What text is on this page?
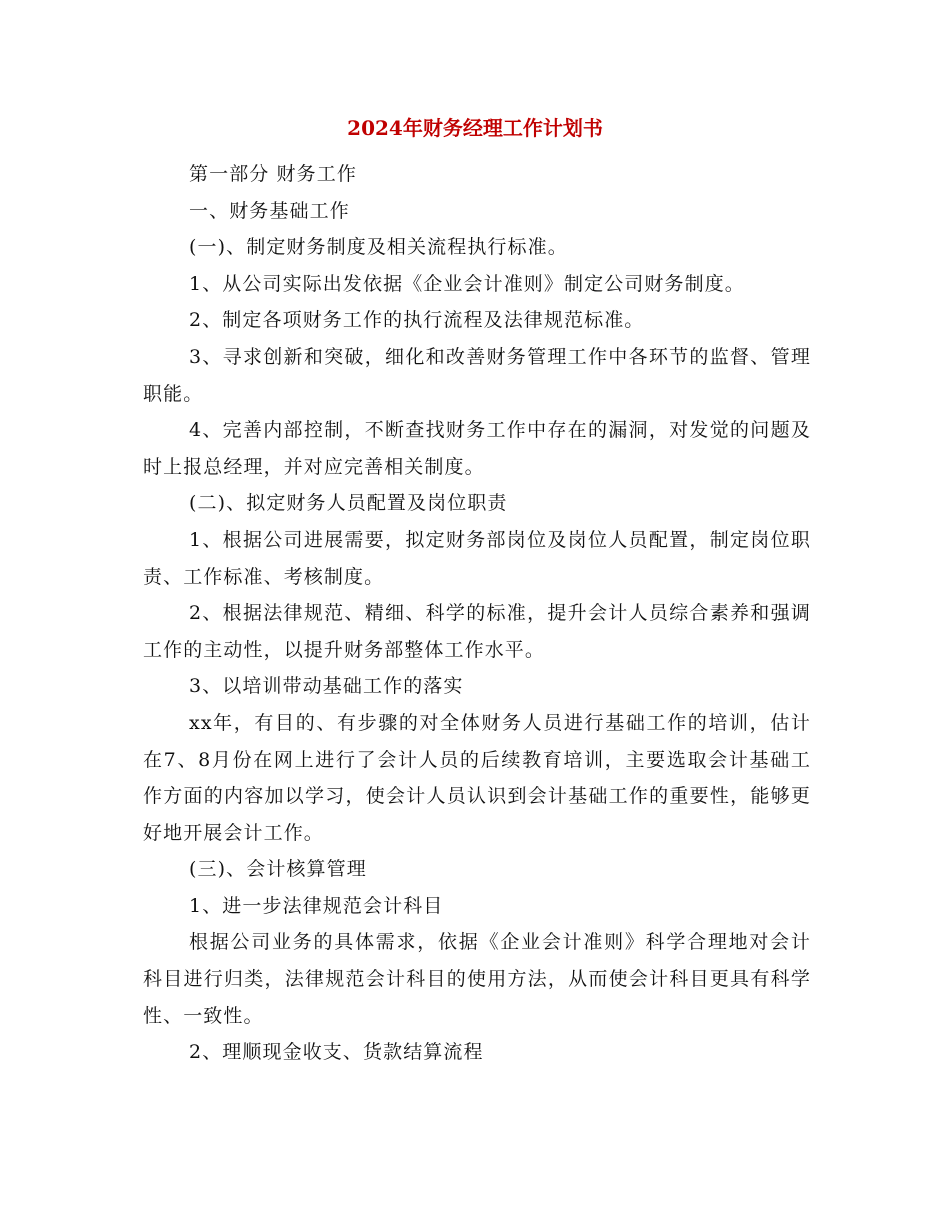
2024年财务经理工作计划书

第一部分 财务工作

一、财务基础工作

(一)、制定财务制度及相关流程执行标准。

1、从公司实际出发依据《企业会计准则》制定公司财务制度。

2、制定各项财务工作的执行流程及法律规范标准。

3、寻求创新和突破，细化和改善财务管理工作中各环节的监督、管理职能。

4、完善内部控制，不断查找财务工作中存在的漏洞，对发觉的问题及时上报总经理，并对应完善相关制度。

(二)、拟定财务人员配置及岗位职责

1、根据公司进展需要，拟定财务部岗位及岗位人员配置，制定岗位职责、工作标准、考核制度。

2、根据法律规范、精细、科学的标准，提升会计人员综合素养和强调工作的主动性，以提升财务部整体工作水平。

3、以培训带动基础工作的落实

xx年，有目的、有步骤的对全体财务人员进行基础工作的培训，估计在7、8月份在网上进行了会计人员的后续教育培训，主要选取会计基础工作方面的内容加以学习，使会计人员认识到会计基础工作的重要性，能够更好地开展会计工作。

(三)、会计核算管理

1、进一步法律规范会计科目

根据公司业务的具体需求，依据《企业会计准则》科学合理地对会计科目进行归类，法律规范会计科目的使用方法，从而使会计科目更具有科学性、一致性。

2、理顺现金收支、货款结算流程
